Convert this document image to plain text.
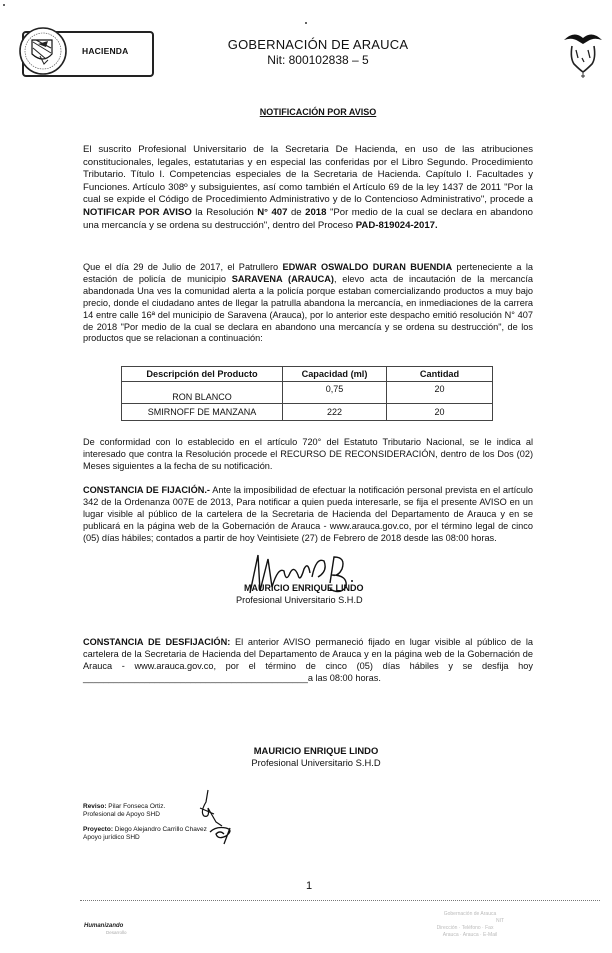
HACIENDA	GOBERNACIÓN DE ARAUCA
Nit: 800102838 – 5
NOTIFICACIÓN POR AVISO
El suscrito Profesional Universitario de la Secretaria De Hacienda, en uso de las atribuciones constitucionales, legales, estatutarias y en especial las conferidas por el Libro Segundo. Procedimiento Tributario. Título I. Competencias especiales de la Secretaria de Hacienda. Capítulo I. Facultades y Funciones. Artículo 308º y subsiguientes, así como también el Artículo 69 de la ley 1437 de 2011 "Por la cual se expide el Código de Procedimiento Administrativo y de lo Contencioso Administrativo", procede a NOTIFICAR POR AVISO la Resolución N° 407 de 2018 "Por medio de la cual se declara en abandono una mercancía y se ordena su destrucción", dentro del Proceso PAD-819024-2017.
Que el día 29 de Julio de 2017, el Patrullero EDWAR OSWALDO DURAN BUENDIA perteneciente a la estación de policía de municipio SARAVENA (ARAUCA), elevo acta de incautación de la mercancía abandonada Una ves la comunidad alerta a la policía porque estaban comercializando productos a muy bajo precio, donde el ciudadano antes de llegar la patrulla abandona la mercancía, en inmediaciones de la carrera 14 entre calle 16ª del municipio de Saravena (Arauca), por lo anterior este despacho emitió resolución N° 407 de 2018 "Por medio de la cual se declara en abandono una mercancía y se ordena su destrucción", de los productos que se relacionan a continuación:
Descripción del Producto	Capacidad (ml)	Cantidad
RON BLANCO	0,75	20
SMIRNOFF DE MANZANA	222	20
De conformidad con lo establecido en el artículo 720° del Estatuto Tributario Nacional, se le indica al interesado que contra la Resolución procede el RECURSO DE RECONSIDERACIÓN, dentro de los Dos (02) Meses siguientes a la fecha de su notificación.
CONSTANCIA DE FIJACIÓN.- Ante la imposibilidad de efectuar la notificación personal prevista en el artículo 342 de la Ordenanza 007E de 2013, Para notificar a quien pueda interesarle, se fija el presente AVISO en un lugar visible al público de la cartelera de la Secretaria de Hacienda del Departamento de Arauca y en se publicará en la página web de la Gobernación de Arauca - www.arauca.gov.co, por el término legal de cinco (05) días hábiles; contados a partir de hoy Veintisiete (27) de Febrero de 2018 desde las 08:00 horas.
MAURICIO ENRIQUE LINDO
Profesional Universitario S.H.D
CONSTANCIA DE DESFIJACIÓN: El anterior AVISO permaneció fijado en lugar visible al público de la cartelera de la Secretaria de Hacienda del Departamento de Arauca y en la página web de la Gobernación de Arauca - www.arauca.gov.co, por el término de cinco (05) días hábiles y se desfija hoy ____________________________________________a las 08:00 horas.
MAURICIO ENRIQUE LINDO
Profesional Universitario S.H.D
Reviso: Pilar Fonseca Ortiz.
Profesional de Apoyo SHD
Proyecto: Diego Alejandro Carrillo Chavez
Apoyo jurídico SHD
1
Humanizando
Desarrollo
Gobernación de Arauca
NIT
Dirección · Teléfono · Fax
Arauca · Arauca · E-Mail
